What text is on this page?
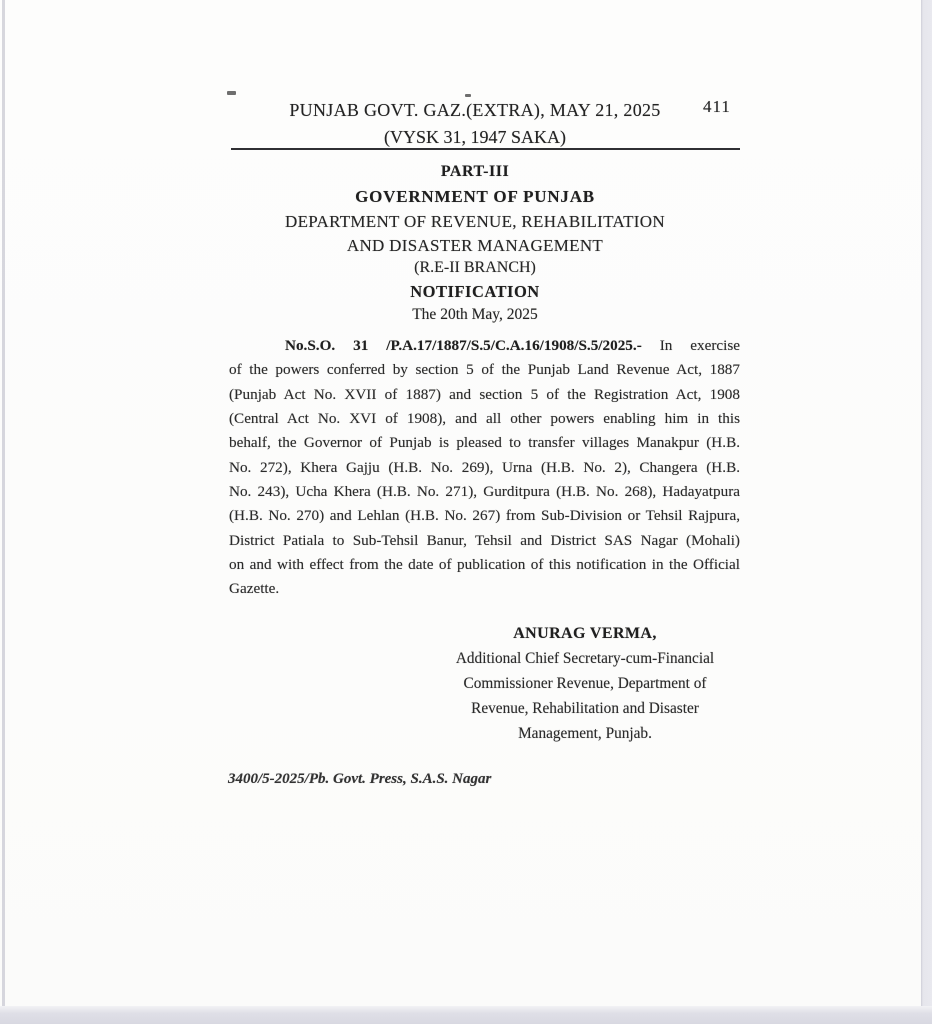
411
PUNJAB GOVT. GAZ.(EXTRA), MAY 21, 2025
(VYSK 31, 1947 SAKA)
PART-III
GOVERNMENT OF PUNJAB
DEPARTMENT OF REVENUE, REHABILITATION
AND DISASTER MANAGEMENT
(R.E-II BRANCH)
NOTIFICATION
The 20th May, 2025
No.S.O. 31 /P.A.17/1887/S.5/C.A.16/1908/S.5/2025.- In exercise
of the powers conferred by section 5 of the Punjab Land Revenue Act, 1887
(Punjab Act No. XVII of 1887) and section 5 of the Registration Act, 1908
(Central Act No. XVI of 1908), and all other powers enabling him in this
behalf, the Governor of Punjab is pleased to transfer villages Manakpur (H.B.
No. 272), Khera Gajju (H.B. No. 269), Urna (H.B. No. 2), Changera (H.B.
No. 243), Ucha Khera (H.B. No. 271), Gurditpura (H.B. No. 268), Hadayatpura
(H.B. No. 270) and Lehlan (H.B. No. 267) from Sub-Division or Tehsil Rajpura,
District Patiala to Sub-Tehsil Banur, Tehsil and District SAS Nagar (Mohali)
on and with effect from the date of publication of this notification in the Official
Gazette.
ANURAG VERMA,
Additional Chief Secretary-cum-Financial
Commissioner Revenue, Department of
Revenue, Rehabilitation and Disaster
Management, Punjab.
3400/5-2025/Pb. Govt. Press, S.A.S. Nagar
